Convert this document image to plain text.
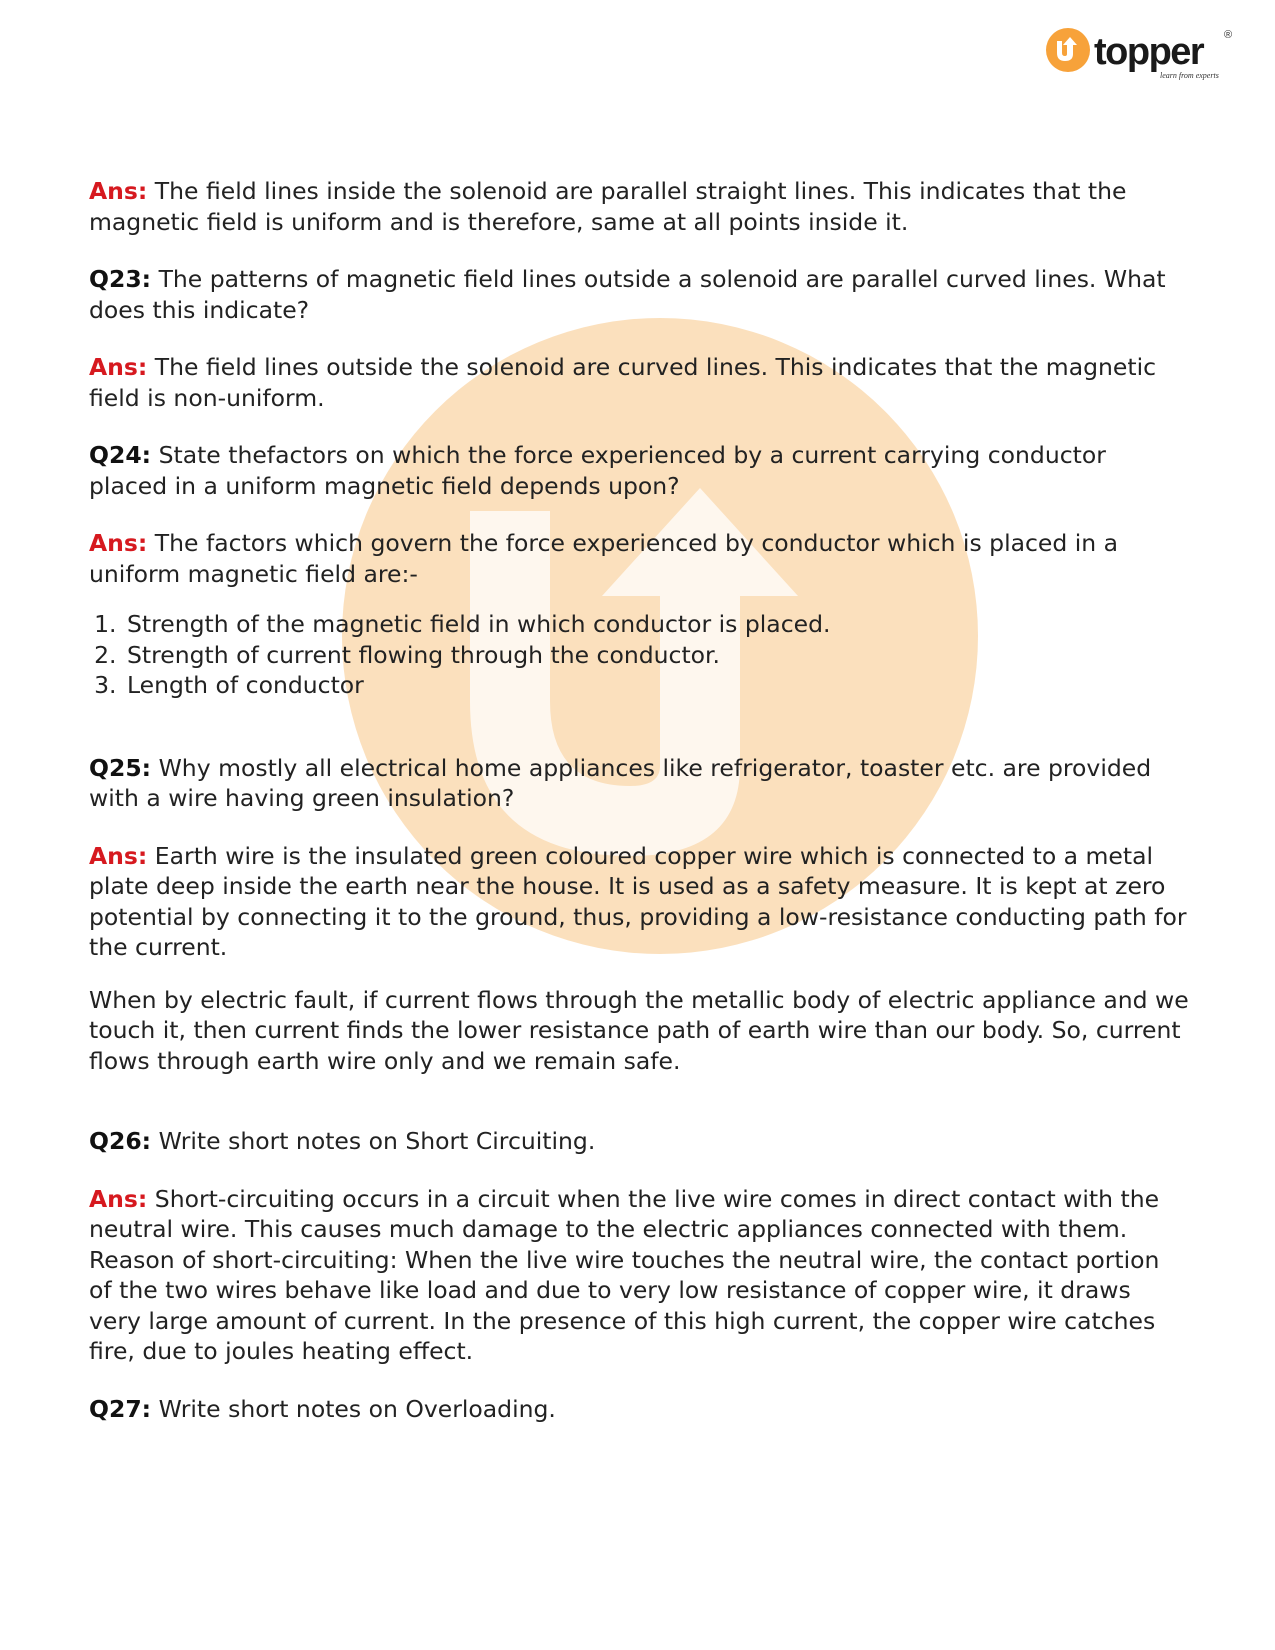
topper
learn from experts
®

Ans: The field lines inside the solenoid are parallel straight lines. This indicates that the magnetic field is uniform and is therefore, same at all points inside it.

Q23: The patterns of magnetic field lines outside a solenoid are parallel curved lines. What does this indicate?

Ans: The field lines outside the solenoid are curved lines. This indicates that the magnetic field is non-uniform.

Q24: State thefactors on which the force experienced by a current carrying conductor placed in a uniform magnetic field depends upon?

Ans: The factors which govern the force experienced by conductor which is placed in a uniform magnetic field are:-

1. Strength of the magnetic field in which conductor is placed.
2. Strength of current flowing through the conductor.
3. Length of conductor

Q25: Why mostly all electrical home appliances like refrigerator, toaster etc. are provided with a wire having green insulation?

Ans: Earth wire is the insulated green coloured copper wire which is connected to a metal plate deep inside the earth near the house. It is used as a safety measure. It is kept at zero potential by connecting it to the ground, thus, providing a low-resistance conducting path for the current.

When by electric fault, if current flows through the metallic body of electric appliance and we touch it, then current finds the lower resistance path of earth wire than our body. So, current flows through earth wire only and we remain safe.

Q26: Write short notes on Short Circuiting.

Ans: Short-circuiting occurs in a circuit when the live wire comes in direct contact with the neutral wire. This causes much damage to the electric appliances connected with them. Reason of short-circuiting: When the live wire touches the neutral wire, the contact portion of the two wires behave like load and due to very low resistance of copper wire, it draws very large amount of current. In the presence of this high current, the copper wire catches fire, due to joules heating effect.

Q27: Write short notes on Overloading.
